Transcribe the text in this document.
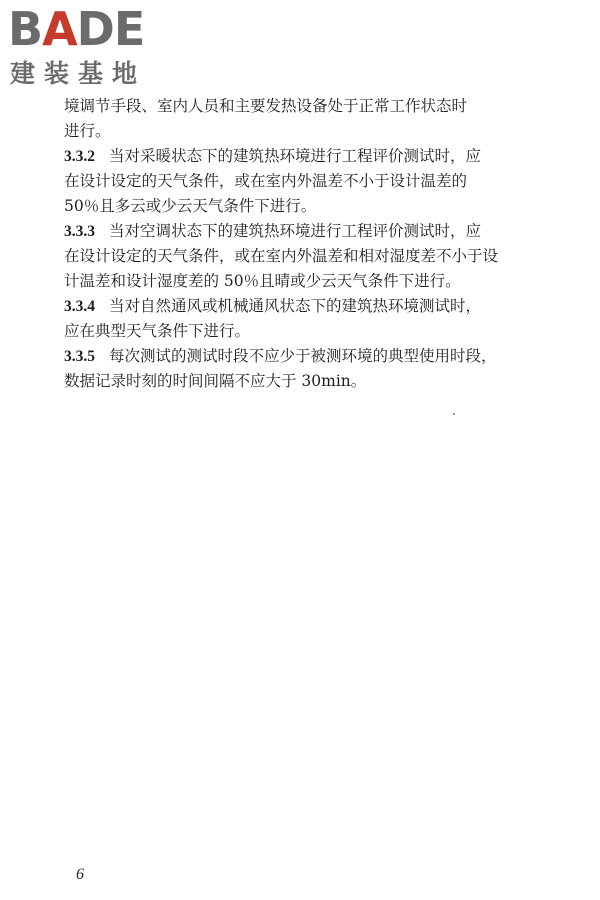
BADE
建装基地
境调节手段、室内人员和主要发热设备处于正常工作状态时
进行。
3.3.2 当对采暖状态下的建筑热环境进行工程评价测试时，应
在设计设定的天气条件，或在室内外温差不小于设计温差的
50％且多云或少云天气条件下进行。
3.3.3 当对空调状态下的建筑热环境进行工程评价测试时，应
在设计设定的天气条件，或在室内外温差和相对湿度差不小于设
计温差和设计湿度差的 50％且晴或少云天气条件下进行。
3.3.4 当对自然通风或机械通风状态下的建筑热环境测试时，
应在典型天气条件下进行。
3.3.5 每次测试的测试时段不应少于被测环境的典型使用时段，
数据记录时刻的时间间隔不应大于 30min。
6
